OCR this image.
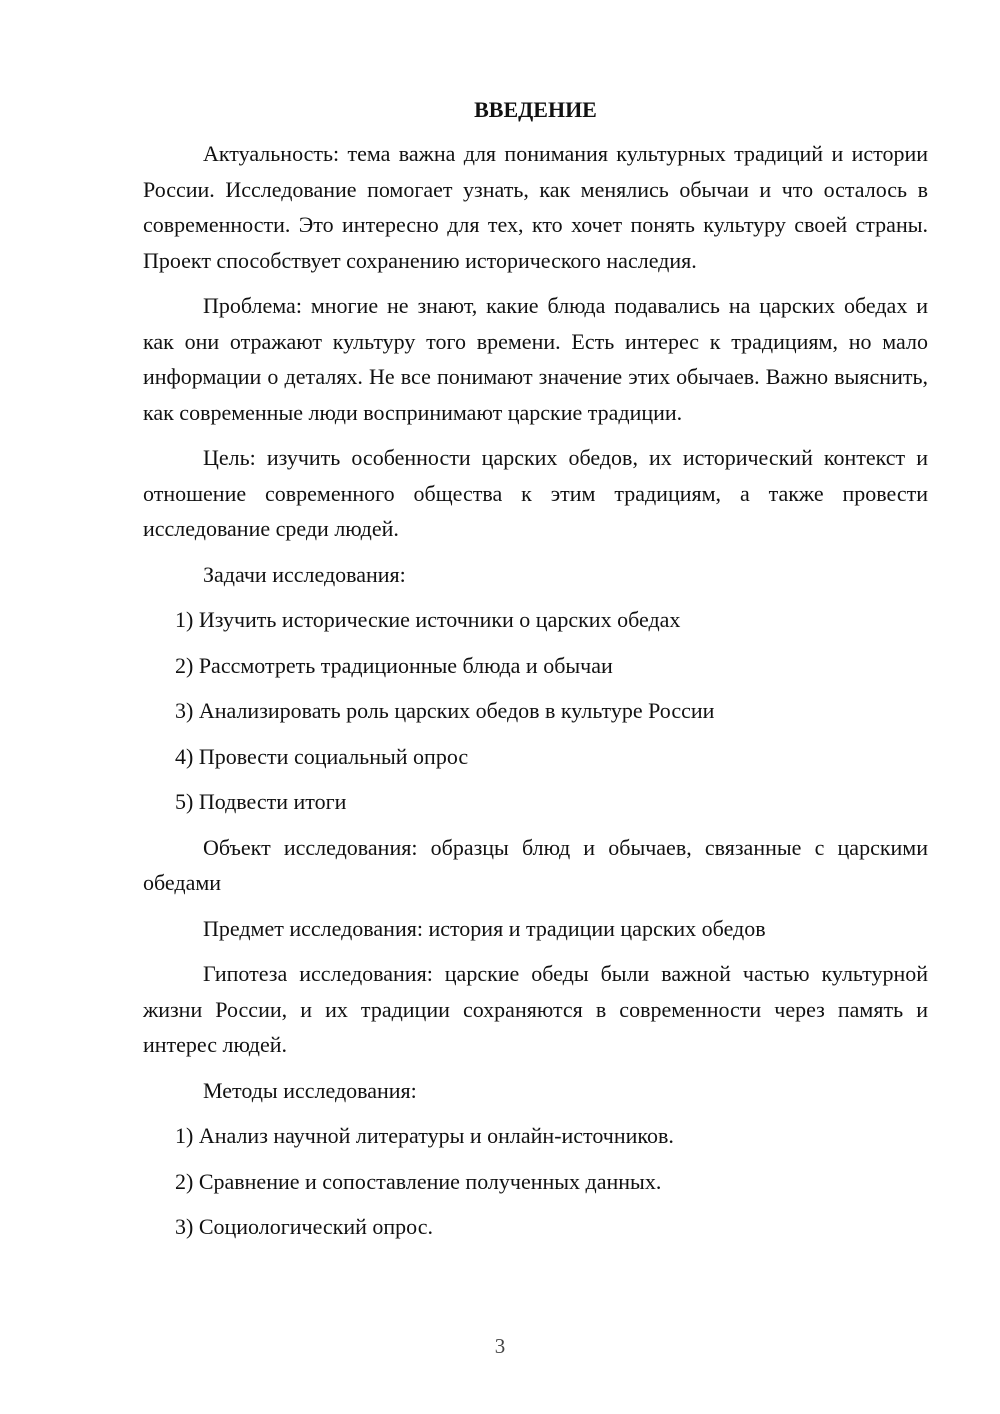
ВВЕДЕНИЕ

Актуальность: тема важна для понимания культурных традиций и истории России. Исследование помогает узнать, как менялись обычаи и что осталось в современности. Это интересно для тех, кто хочет понять культуру своей страны. Проект способствует сохранению исторического наследия.

Проблема: многие не знают, какие блюда подавались на царских обедах и как они отражают культуру того времени. Есть интерес к традициям, но мало информации о деталях. Не все понимают значение этих обычаев. Важно выяснить, как современные люди воспринимают царские традиции.

Цель: изучить особенности царских обедов, их исторический контекст и отношение современного общества к этим традициям, а также провести исследование среди людей.

Задачи исследования:

1) Изучить исторические источники о царских обедах
2) Рассмотреть традиционные блюда и обычаи
3) Анализировать роль царских обедов в культуре России
4) Провести социальный опрос
5) Подвести итоги

Объект исследования: образцы блюд и обычаев, связанные с царскими обедами

Предмет исследования: история и традиции царских обедов

Гипотеза исследования: царские обеды были важной частью культурной жизни России, и их традиции сохраняются в современности через память и интерес людей.

Методы исследования:

1) Анализ научной литературы и онлайн-источников.
2) Сравнение и сопоставление полученных данных.
3) Социологический опрос.
3
